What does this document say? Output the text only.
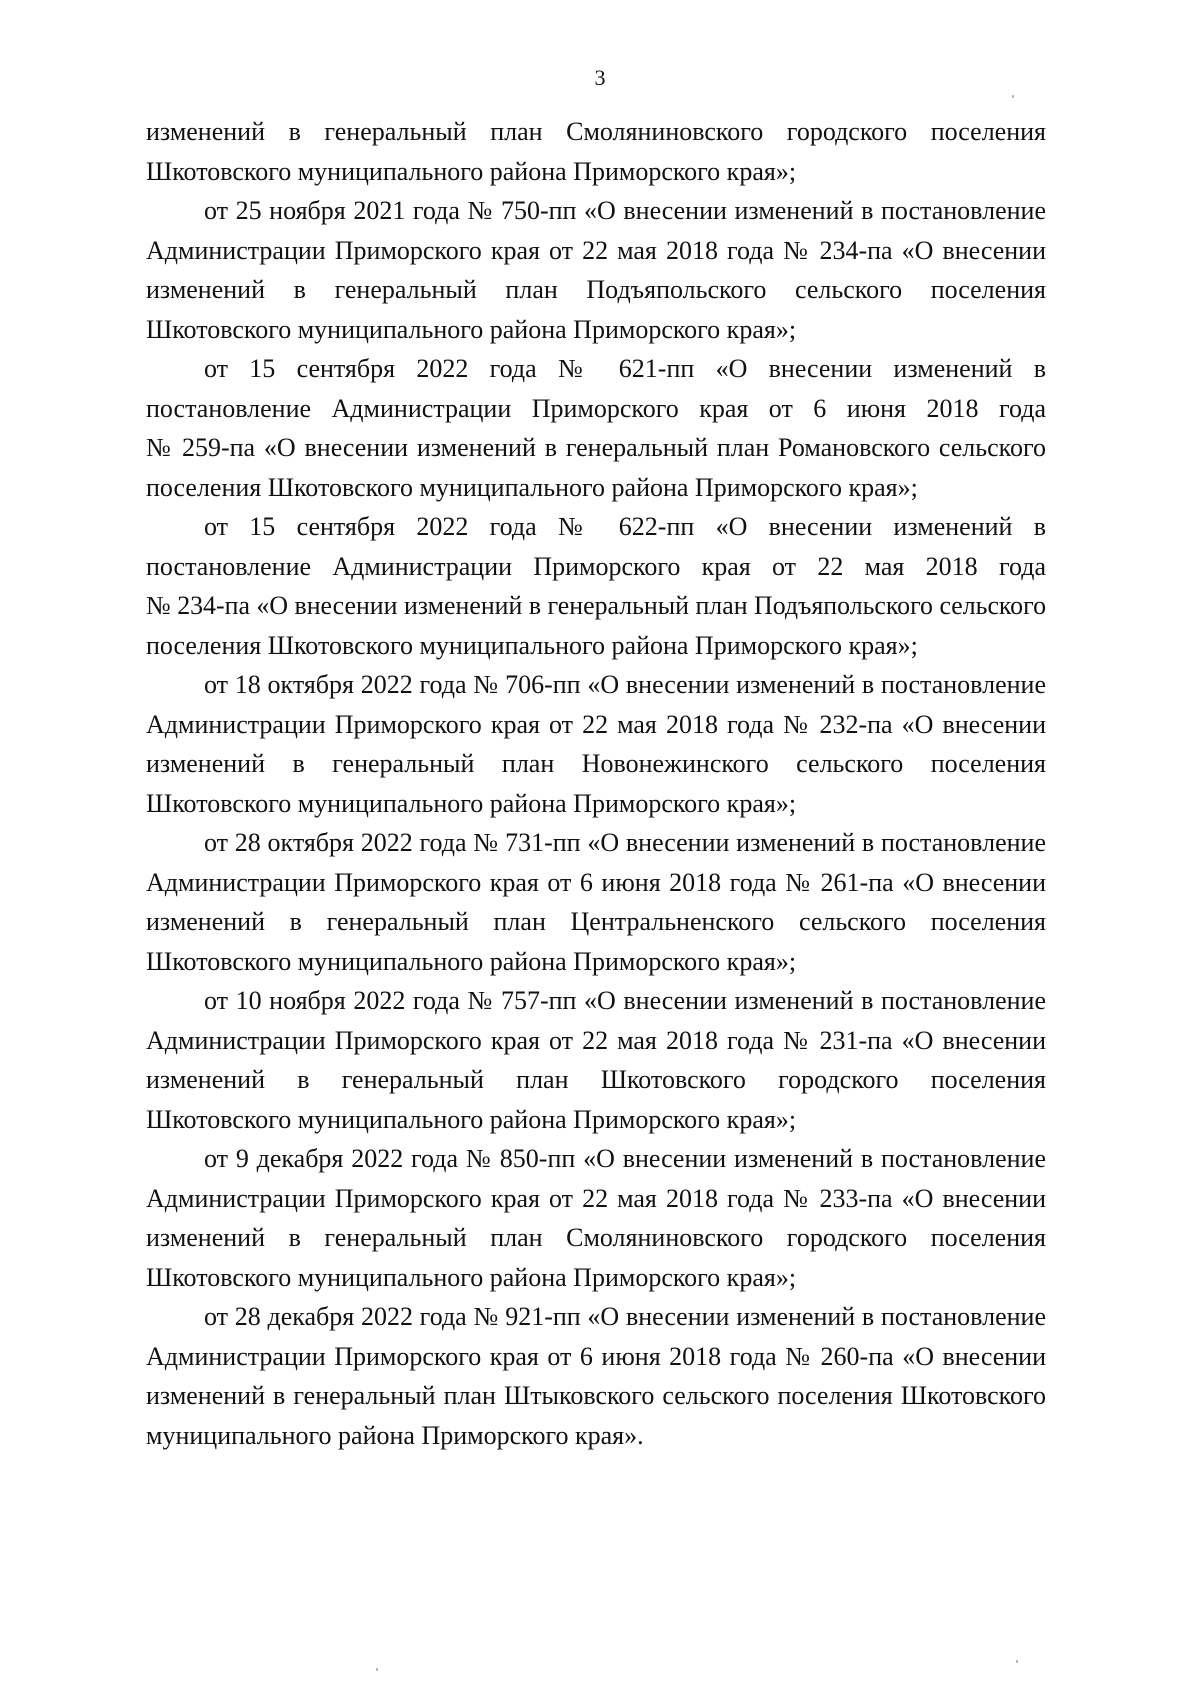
3
изменений в генеральный план Смоляниновского городского поселения
Шкотовского муниципального района Приморского края»;
от 25 ноября 2021 года № 750-пп «О внесении изменений в постановление
Администрации Приморского края от 22 мая 2018 года № 234-па «О внесении
изменений в генеральный план Подъяпольского сельского поселения
Шкотовского муниципального района Приморского края»;
от 15 сентября 2022 года № 621-пп «О внесении изменений в
постановление Администрации Приморского края от 6 июня 2018 года
№ 259-па «О внесении изменений в генеральный план Романовского сельского
поселения Шкотовского муниципального района Приморского края»;
от 15 сентября 2022 года № 622-пп «О внесении изменений в
постановление Администрации Приморского края от 22 мая 2018 года
№ 234-па «О внесении изменений в генеральный план Подъяпольского сельского
поселения Шкотовского муниципального района Приморского края»;
от 18 октября 2022 года № 706-пп «О внесении изменений в постановление
Администрации Приморского края от 22 мая 2018 года № 232-па «О внесении
изменений в генеральный план Новонежинского сельского поселения
Шкотовского муниципального района Приморского края»;
от 28 октября 2022 года № 731-пп «О внесении изменений в постановление
Администрации Приморского края от 6 июня 2018 года № 261-па «О внесении
изменений в генеральный план Центральненского сельского поселения
Шкотовского муниципального района Приморского края»;
от 10 ноября 2022 года № 757-пп «О внесении изменений в постановление
Администрации Приморского края от 22 мая 2018 года № 231-па «О внесении
изменений в генеральный план Шкотовского городского поселения
Шкотовского муниципального района Приморского края»;
от 9 декабря 2022 года № 850-пп «О внесении изменений в постановление
Администрации Приморского края от 22 мая 2018 года № 233-па «О внесении
изменений в генеральный план Смоляниновского городского поселения
Шкотовского муниципального района Приморского края»;
от 28 декабря 2022 года № 921-пп «О внесении изменений в постановление
Администрации Приморского края от 6 июня 2018 года № 260-па «О внесении
изменений в генеральный план Штыковского сельского поселения Шкотовского
муниципального района Приморского края».
